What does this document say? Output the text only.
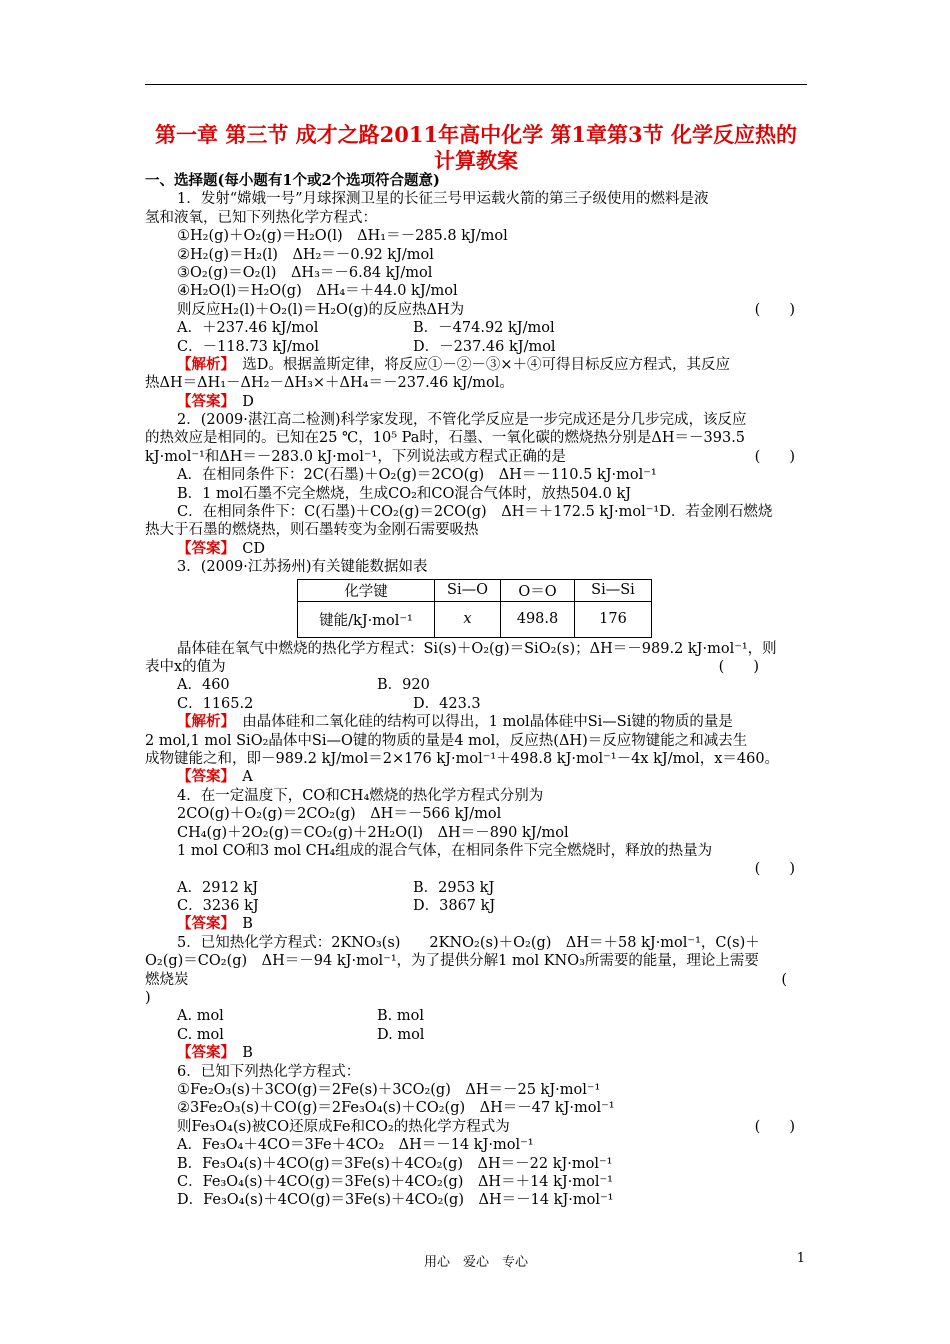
第一章 第三节 成才之路2011年高中化学 第1章第3节 化学反应热的计算教案
一、选择题(每小题有1个或2个选项符合题意)
1．发射“嫦娥一号”月球探测卫星的长征三号甲运载火箭的第三子级使用的燃料是液
氢和液氧，已知下列热化学方程式：
①H₂(g)＋O₂(g)＝H₂O(l)　ΔH₁＝－285.8 kJ/mol
②H₂(g)＝H₂(l)　ΔH₂＝－0.92 kJ/mol
③O₂(g)＝O₂(l)　ΔH₃＝－6.84 kJ/mol
④H₂O(l)＝H₂O(g)　ΔH₄＝＋44.0 kJ/mol
则反应H₂(l)＋O₂(l)＝H₂O(g)的反应热ΔH为	(　　)
A．＋237.46 kJ/mol	B．－474.92 kJ/mol
C．－118.73 kJ/mol	D．－237.46 kJ/mol
【解析】　 选D。根据盖斯定律，将反应①－②－③×＋④可得目标反应方程式，其反应
热ΔH＝ΔH₁－ΔH₂－ΔH₃×＋ΔH₄＝－237.46 kJ/mol。
【答案】　 D
2．(2009·湛江高二检测)科学家发现，不管化学反应是一步完成还是分几步完成，该反应
的热效应是相同的。已知在25 ℃，10⁵ Pa时，石墨、一氧化碳的燃烧热分别是ΔH＝－393.5
kJ·mol⁻¹和ΔH＝－283.0 kJ·mol⁻¹，下列说法或方程式正确的是	(　　)
A．在相同条件下：2C(石墨)＋O₂(g)＝2CO(g)　ΔH＝－110.5 kJ·mol⁻¹
B．1 mol石墨不完全燃烧，生成CO₂和CO混合气体时，放热504.0 kJ
C．在相同条件下：C(石墨)＋CO₂(g)＝2CO(g)　ΔH＝＋172.5 kJ·mol⁻¹D．若金刚石燃烧
热大于石墨的燃烧热，则石墨转变为金刚石需要吸热
【答案】　 CD
3．(2009·江苏扬州)有关键能数据如表
化学键	Si—O	O＝O	Si—Si
键能/kJ·mol⁻¹	x	498.8	176
晶体硅在氧气中燃烧的热化学方程式：Si(s)＋O₂(g)＝SiO₂(s)；ΔH＝－989.2 kJ·mol⁻¹，则
表中x的值为	(　　)
A．460	B．920
C．1165.2	D．423.3
【解析】　 由晶体硅和二氧化硅的结构可以得出，1 mol晶体硅中Si—Si键的物质的量是
2 mol,1 mol SiO₂晶体中Si—O键的物质的量是4 mol，反应热(ΔH)＝反应物键能之和减去生
成物键能之和，即－989.2 kJ/mol＝2×176 kJ·mol⁻¹＋498.8 kJ·mol⁻¹－4x kJ/mol，x＝460。
【答案】　 A
4．在一定温度下，CO和CH₄燃烧的热化学方程式分别为
2CO(g)＋O₂(g)＝2CO₂(g)　ΔH＝－566 kJ/mol
CH₄(g)＋2O₂(g)＝CO₂(g)＋2H₂O(l)　ΔH＝－890 kJ/mol
1 mol CO和3 mol CH₄组成的混合气体，在相同条件下完全燃烧时，释放的热量为
(　　)
A．2912 kJ	B．2953 kJ
C．3236 kJ	D．3867 kJ
【答案】　 B
5．已知热化学方程式：2KNO₃(s)　　2KNO₂(s)＋O₂(g)　ΔH＝＋58 kJ·mol⁻¹，C(s)＋
O₂(g)＝CO₂(g)　ΔH＝－94 kJ·mol⁻¹，为了提供分解1 mol KNO₃所需要的能量，理论上需要
燃烧炭	(
)
A. mol	B. mol
C. mol	D. mol
【答案】　 B
6．已知下列热化学方程式：
①Fe₂O₃(s)＋3CO(g)＝2Fe(s)＋3CO₂(g)　ΔH＝－25 kJ·mol⁻¹
②3Fe₂O₃(s)＋CO(g)＝2Fe₃O₄(s)＋CO₂(g)　ΔH＝－47 kJ·mol⁻¹
则Fe₃O₄(s)被CO还原成Fe和CO₂的热化学方程式为	(　　)
A．Fe₃O₄＋4CO＝3Fe＋4CO₂　ΔH＝－14 kJ·mol⁻¹
B．Fe₃O₄(s)＋4CO(g)＝3Fe(s)＋4CO₂(g)　ΔH＝－22 kJ·mol⁻¹
C．Fe₃O₄(s)＋4CO(g)＝3Fe(s)＋4CO₂(g)　ΔH＝＋14 kJ·mol⁻¹
D．Fe₃O₄(s)＋4CO(g)＝3Fe(s)＋4CO₂(g)　ΔH＝－14 kJ·mol⁻¹
用心　爱心　专心	1
